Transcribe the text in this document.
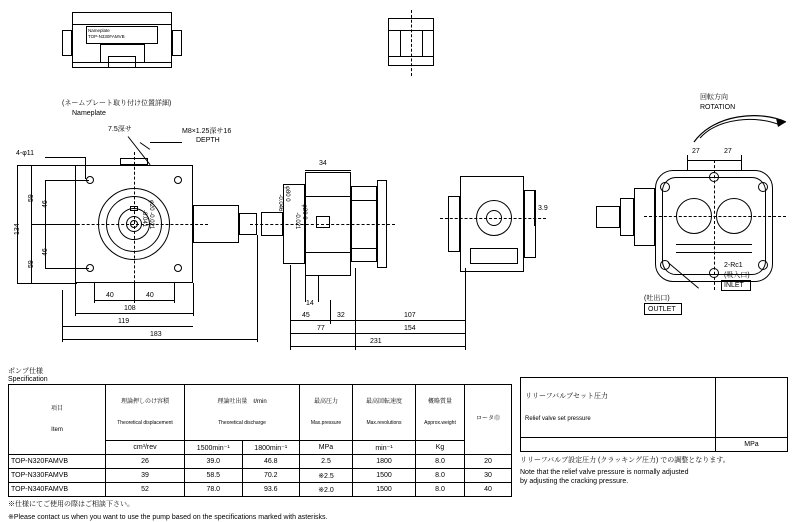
Nameplate
TOP-N330FAMVB
(ネームプレート取り付け位置詳細)
Nameplate
4-φ11
7.5深サ	M8×1.25深サ16
DEPTH
φ20 -0.021
-0.041
134
59
46
46
59
40	40
108
119
183
34
φ80 0
-0.046	φ20 0
-0.021
14
45	32	107
77	154
231
3.9
回転方向
ROTATION
27	27
2-Rc1
(吸入口)
INLET
(吐出口)
OUTLET
ポンプ仕様
Specification

項目

Item

理論押しのけ容積

Theoretical displacement

理論吐出量　 ℓ/min

Theoretical discharge

最高圧力

Max.pressure

最高回転速度

Max.revolutions

概略質量

Approx.weight

ロータ巾

	cm³/rev	1500min⁻¹	1800min⁻¹	MPa	min⁻¹	Kg	
TOP-N320FAMVB	26	39.0	46.8	2.5	1800	8.0	20
TOP-N330FAMVB	39	58.5	70.2	※2.5	1500	8.0	30
TOP-N340FAMVB	52	78.0	93.6	※2.0	1500	8.0	40
※仕様にてご使用の際はご相談下さい。
※Please contact us when you want to use the pump based on the specifications marked with asterisks.

リリーフバルブセット圧力

Relief valve set pressure	

	MPa
リリーフバルブ設定圧力 (クラッキング圧力) での調整となります。
Note that the relief valve pressure is normally adjusted
by adjusting the cracking pressure.
